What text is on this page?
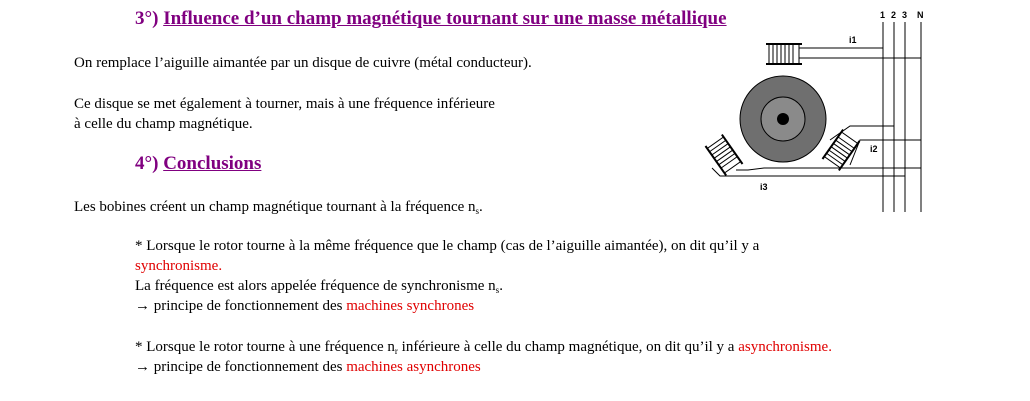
3°) Influence d’un champ magnétique tournant sur une masse métallique
On remplace l’aiguille aimantée par un disque de cuivre (métal conducteur).
Ce disque se met également à tourner, mais à une fréquence inférieure
à celle du champ magnétique.
4°) Conclusions
Les bobines créent un champ magnétique tournant à la fréquence $n_s$.
* Lorsque le rotor tourne à la même fréquence que le champ (cas de l’aiguille aimantée), on dit qu’il y a
synchronisme.
La fréquence est alors appelée fréquence de synchronisme $n_s$.
→ principe de fonctionnement des machines synchrones
* Lorsque le rotor tourne à une fréquence $n_r$ inférieure à celle du champ magnétique, on dit qu’il y a asynchronisme.
→ principe de fonctionnement des machines asynchrones
1 2 3 N
i1
i2
i3
